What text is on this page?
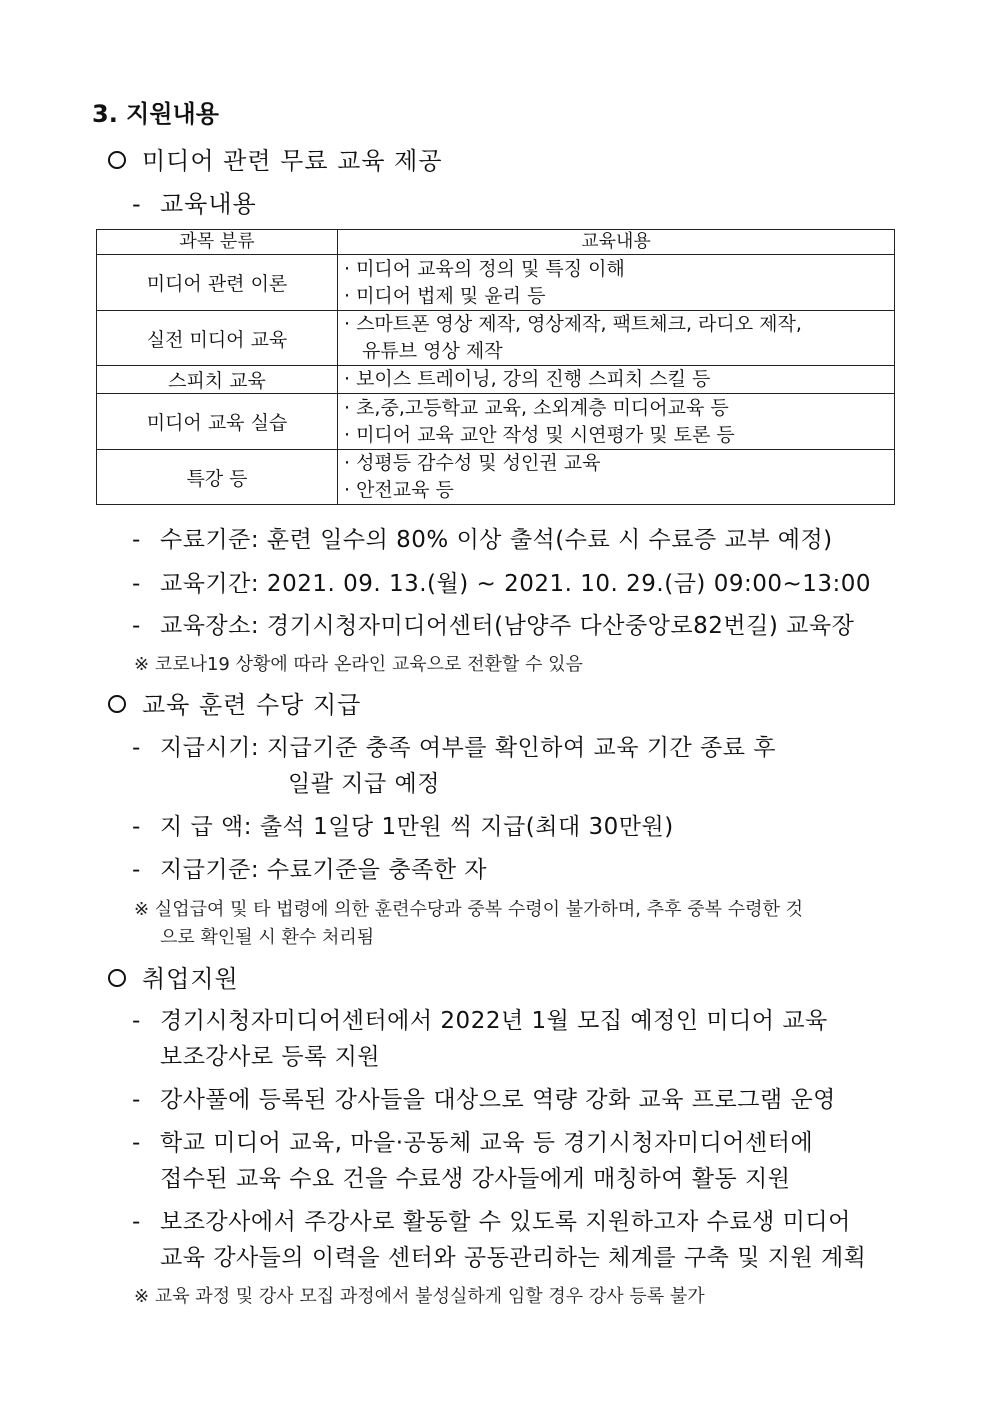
3. 지원내용
미디어 관련 무료 교육 제공
- 교육내용
과목 분류	교육내용
미디어 관련 이론	· 미디어 교육의 정의 및 특징 이해
· 미디어 법제 및 윤리 등

실전 미디어 교육	· 스마트폰 영상 제작, 영상제작, 팩트체크, 라디오 제작,
유튜브 영상 제작

스피치 교육	· 보이스 트레이닝, 강의 진행 스피치 스킬 등

미디어 교육 실습	· 초,중,고등학교 교육, 소외계층 미디어교육 등
· 미디어 교육 교안 작성 및 시연평가 및 토론 등

특강 등	· 성평등 감수성 및 성인권 교육
· 안전교육 등
- 수료기준: 훈련 일수의 80% 이상 출석(수료 시 수료증 교부 예정)
- 교육기간: 2021. 09. 13.(월) ~ 2021. 10. 29.(금) 09:00~13:00
- 교육장소: 경기시청자미디어센터(남양주 다산중앙로82번길) 교육장
※ 코로나19 상황에 따라 온라인 교육으로 전환할 수 있음
교육 훈련 수당 지급
- 지급시기: 지급기준 충족 여부를 확인하여 교육 기간 종료 후
일괄 지급 예정
- 지 급 액: 출석 1일당 1만원 씩 지급(최대 30만원)
- 지급기준: 수료기준을 충족한 자
※ 실업급여 및 타 법령에 의한 훈련수당과 중복 수령이 불가하며, 추후 중복 수령한 것
으로 확인될 시 환수 처리됨
취업지원
- 경기시청자미디어센터에서 2022년 1월 모집 예정인 미디어 교육
보조강사로 등록 지원
- 강사풀에 등록된 강사들을 대상으로 역량 강화 교육 프로그램 운영
- 학교 미디어 교육, 마을·공동체 교육 등 경기시청자미디어센터에
접수된 교육 수요 건을 수료생 강사들에게 매칭하여 활동 지원
- 보조강사에서 주강사로 활동할 수 있도록 지원하고자 수료생 미디어
교육 강사들의 이력을 센터와 공동관리하는 체계를 구축 및 지원 계획
※ 교육 과정 및 강사 모집 과정에서 불성실하게 임할 경우 강사 등록 불가
